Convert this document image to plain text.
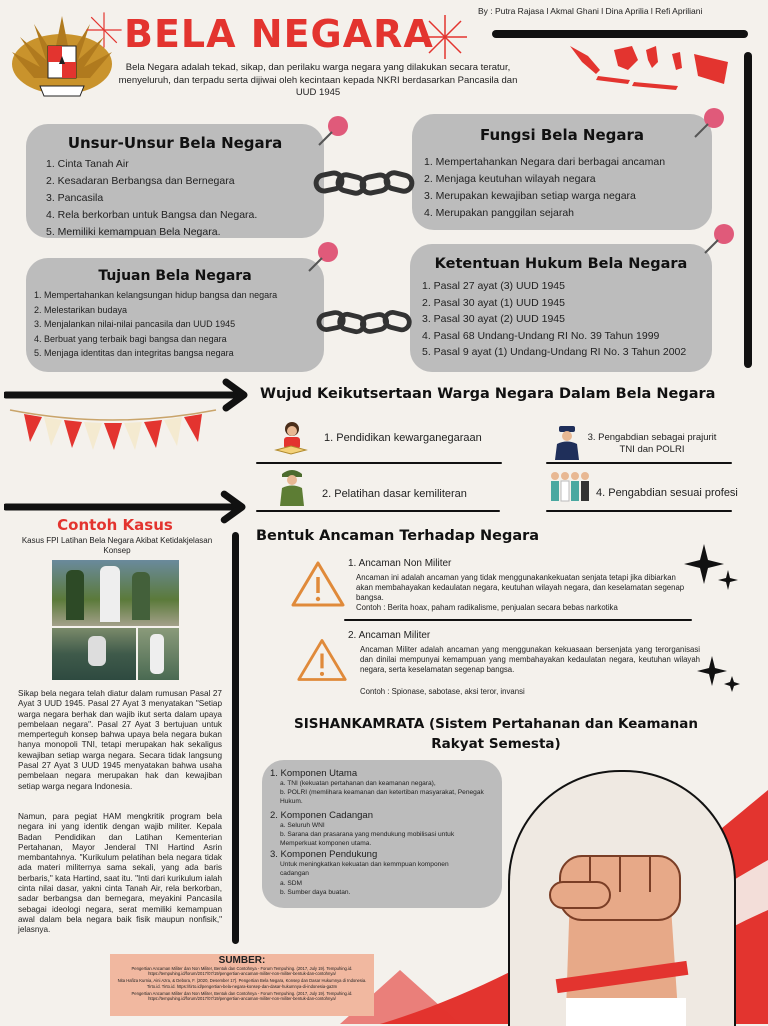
BELA NEGARA
By : Putra Rajasa l Akmal Ghani l Dina Aprilia l Refi Apriliani
Bela Negara adalah tekad, sikap, dan perilaku warga negara yang dilakukan secara teratur, menyeluruh, dan terpadu serta dijiwai oleh kecintaan kepada NKRI berdasarkan Pancasila dan UUD 1945
Unsur-Unsur Bela Negara
1. Cinta Tanah Air
2. Kesadaran Berbangsa dan Bernegara
3. Pancasila
4. Rela berkorban untuk Bangsa dan Negara.
5. Memiliki kemampuan Bela Negara.
Fungsi Bela Negara
1. Mempertahankan Negara dari berbagai ancaman
2. Menjaga keutuhan wilayah negara
3. Merupakan kewajiban setiap warga negara
4. Merupakan panggilan sejarah
Tujuan Bela Negara
1. Mempertahankan kelangsungan hidup bangsa dan negara
2. Melestarikan budaya
3. Menjalankan nilai-nilai pancasila dan UUD 1945
4. Berbuat yang terbaik bagi bangsa dan negara
5. Menjaga identitas dan integritas bangsa negara
Ketentuan Hukum Bela Negara
1. Pasal 27 ayat (3) UUD 1945
2. Pasal 30 ayat (1) UUD 1945
3. Pasal 30 ayat (2) UUD 1945
4. Pasal 68 Undang-Undang RI No. 39 Tahun 1999
5. Pasal 9 ayat (1) Undang-Undang RI No. 3 Tahun 2002
Wujud Keikutsertaan Warga Negara Dalam Bela Negara
1. Pendidikan kewarganegaraan	3. Pengabdian sebagai prajurit TNI dan POLRI
2. Pelatihan dasar kemiliteran	4. Pengabdian sesuai profesi
Contoh Kasus
Kasus FPI Latihan Bela Negara Akibat Ketidakjelasan Konsep
Sikap bela negara telah diatur dalam rumusan Pasal 27 Ayat 3 UUD 1945. Pasal 27 Ayat 3 menyatakan "Setiap warga negara berhak dan wajib ikut serta dalam upaya pembelaan negara". Pasal 27 Ayat 3 bertujuan untuk memperteguh konsep bahwa upaya bela negara bukan hanya monopoli TNI, tetapi merupakan hak sekaligus kewajiban setiap warga negara. Secara tidak langsung Pasal 27 Ayat 3 UUD 1945 menyatakan bahwa usaha pembelaan negara merupakan hak dan kewajiban setiap warga negara Indonesia.
Namun, para pegiat HAM mengkritik program bela negara ini yang identik dengan wajib militer. Kepala Badan Pendidikan dan Latihan Kementerian Pertahanan, Mayor Jenderal TNI Hartind Asrin membantahnya. "Kurikulum pelatihan bela negara tidak ada materi militernya sama sekali, yang ada baris berbaris," kata Hartind, saat itu. "Inti dari kurikulum ialah cinta nilai dasar, yakni cinta Tanah Air, rela berkorban, sadar berbangsa dan bernegara, meyakini Pancasila sebagai ideologi negara, serat memiliki kemampuan awal dalam bela negara baik fisik maupun nonfisik," jelasnya.
Bentuk Ancaman Terhadap Negara
1. Ancaman Non Militer
Ancaman ini adalah ancaman yang tidak menggunakankekuatan senjata tetapi jika dibiarkan akan membahayakan kedaulatan negara, keutuhan wilayah negara, dan keselamatan segenap bangsa.
Contoh : Berita hoax, paham radikalisme, penjualan secara bebas narkotika
2. Ancaman Militer
Ancaman Militer adalah ancaman yang menggunakan kekuasaan bersenjata yang terorganisasi dan dinilai mempunyai kemampuan yang membahayakan kedaulatan negara, keutuhan wilayah negara, serta keselamatan segenap bangsa.
Contoh : Spionase, sabotase, aksi teror, invansi
SISHANKAMRATA (Sistem Pertahanan dan Keamanan Rakyat Semesta)
1. Komponen Utama
a. TNI (kekuatan pertahanan dan keamanan negara),
b. POLRI (memlihara keamanan dan ketertiban masyarakat, Penegak Hukum.
2. Komponen Cadangan
a. Seluruh WNI
b. Sarana dan prasarana yang mendukung mobilisasi untuk Memperkuat komponen utama.
3. Komponen Pendukung
Untuk meningkatkan kekuatan dan kemmpuan komponen cadangan
a. SDM
b. Sumber daya buatan.
SUMBER:
Pengertian Ancaman Militer dan Non Militer, Bentuk dan Contohnya - Forum Tempuhing. (2017, July 19). Tempuhing.id. https://tempuhing.id/forum/2017/07/19/pengertian-ancaman-militer-non-militer-bentuk-dan-contohnya/
Nita Hafiza Kurnia, Aini Azra, & Debora, F. (2020, Desember 17). Pengertian Bela Negara, Konsep dan Dasar Hukumnya di Indonesia. Tirto.id. Tirto.id. https://tirto.id/pengertian-bela-negara-konsep-dan-dasar-hukumnya-di-indonesia-ga3m
Pengertian Ancaman Militer dan Non Militer, Bentuk dan Contohnya - Forum Tempuhing. (2017, July 19). Tempuhing.id. https://tempuhing.id/forum/2017/07/19/pengertian-ancaman-militer-non-militer-bentuk-dan-contohnya/
